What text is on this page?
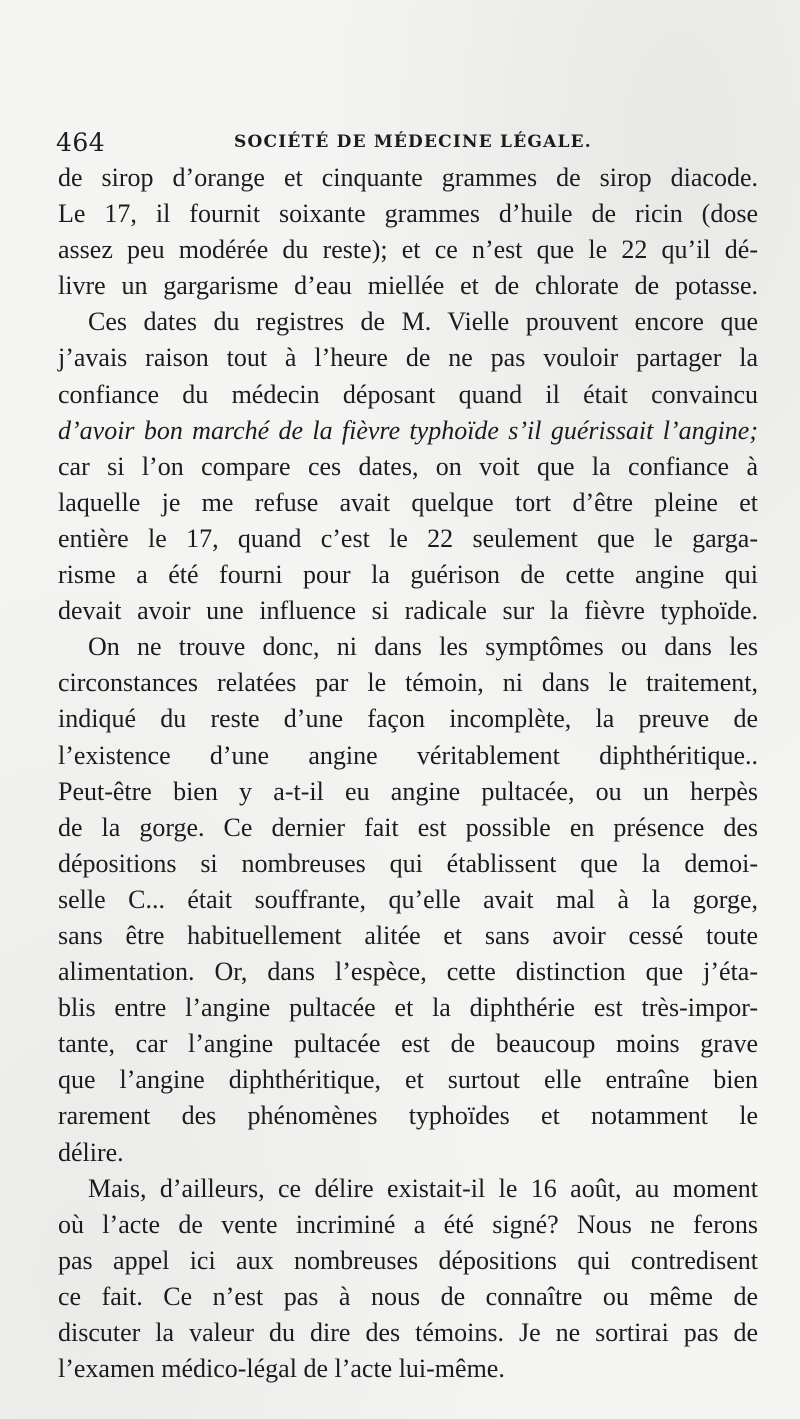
464	SOCIÉTÉ DE MÉDECINE LÉGALE.
de sirop d’orange et cinquante grammes de sirop diacode.
Le 17, il fournit soixante grammes d’huile de ricin (dose
assez peu modérée du reste); et ce n’est que le 22 qu’il dé-
livre un gargarisme d’eau miellée et de chlorate de potasse.
Ces dates du registres de M. Vielle prouvent encore que
j’avais raison tout à l’heure de ne pas vouloir partager la
confiance du médecin déposant quand il était convaincu
d’avoir bon marché de la fièvre typhoïde s’il guérissait l’angine;
car si l’on compare ces dates, on voit que la confiance à
laquelle je me refuse avait quelque tort d’être pleine et
entière le 17, quand c’est le 22 seulement que le garga-
risme a été fourni pour la guérison de cette angine qui
devait avoir une influence si radicale sur la fièvre typhoïde.
On ne trouve donc, ni dans les symptômes ou dans les
circonstances relatées par le témoin, ni dans le traitement,
indiqué du reste d’une façon incomplète, la preuve de
l’existence d’une angine véritablement diphthéritique..
Peut-être bien y a-t-il eu angine pultacée, ou un herpès
de la gorge. Ce dernier fait est possible en présence des
dépositions si nombreuses qui établissent que la demoi-
selle C... était souffrante, qu’elle avait mal à la gorge,
sans être habituellement alitée et sans avoir cessé toute
alimentation. Or, dans l’espèce, cette distinction que j’éta-
blis entre l’angine pultacée et la diphthérie est très-impor-
tante, car l’angine pultacée est de beaucoup moins grave
que l’angine diphthéritique, et surtout elle entraîne bien
rarement des phénomènes typhoïdes et notamment le
délire.
Mais, d’ailleurs, ce délire existait-il le 16 août, au moment
où l’acte de vente incriminé a été signé? Nous ne ferons
pas appel ici aux nombreuses dépositions qui contredisent
ce fait. Ce n’est pas à nous de connaître ou même de
discuter la valeur du dire des témoins. Je ne sortirai pas de
l’examen médico-légal de l’acte lui-même.
